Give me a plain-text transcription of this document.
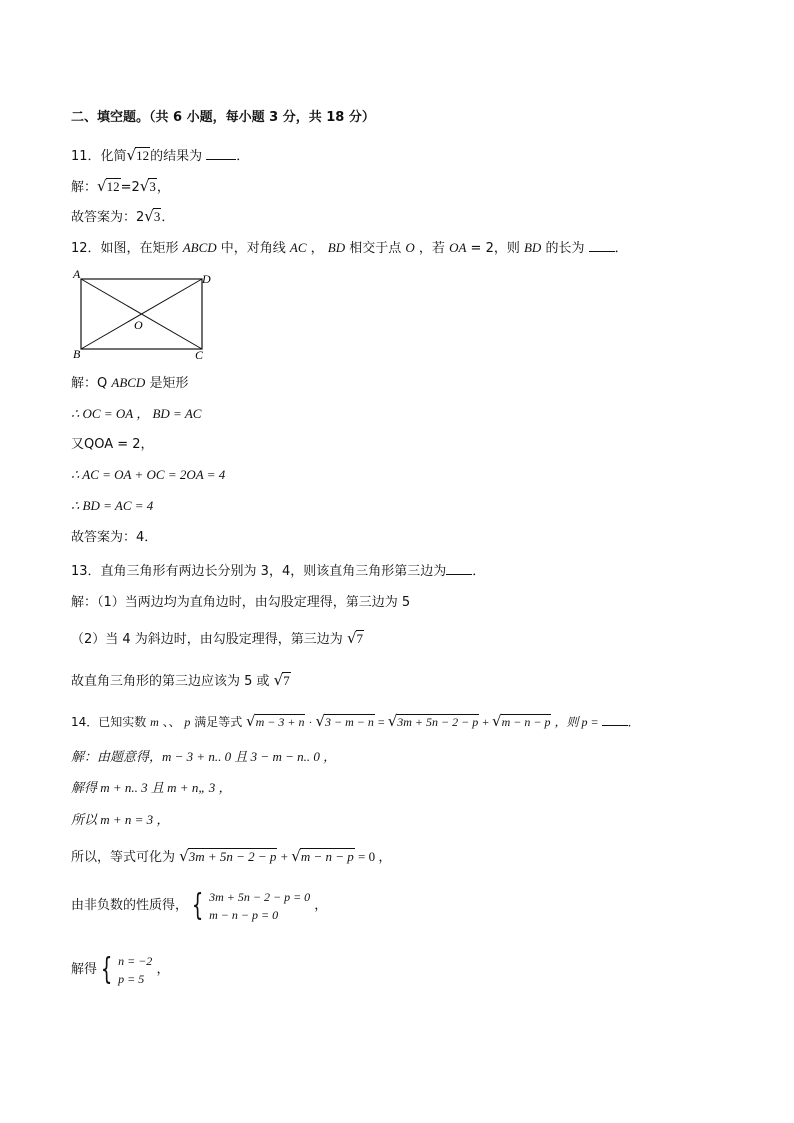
二、填空题。（共 6 小题，每小题 3 分，共 18 分）
11．化简√12的结果为 ．
解：√12=2√3，
故答案为：2√3．
12．如图，在矩形 ABCD 中，对角线 AC ， BD 相交于点 O ，若 OA = 2，则 BD 的长为 ．
A	D
O
B	C
解：Q ABCD 是矩形
∴ OC = OA ， BD = AC
又QOA = 2，
∴ AC = OA + OC = 2OA = 4
∴ BD = AC = 4
故答案为：4．
13．直角三角形有两边长分别为 3，4，则该直角三角形第三边为 ．
解：（1）当两边均为直角边时，由勾股定理得，第三边为 5
（2）当 4 为斜边时，由勾股定理得，第三边为 √7
故直角三角形的第三边应该为 5 或 √7
14．已知实数 m 、、 p 满足等式 √m − 3 + n · √3 − m − n = √3m + 5n − 2 − p + √m − n − p ，则 p = ．
解：由题意得，m − 3 + n.. 0 且 3 − m − n.. 0 ，
解得 m + n.. 3 且 m + n„ 3 ，
所以 m + n = 3 ，
所以，等式可化为 √3m + 5n − 2 − p + √m − n − p = 0 ，
由非负数的性质得， { 3m + 5n − 2 − p = 0
m − n − p = 0
，
解得 { n = −2
p = 5
，
